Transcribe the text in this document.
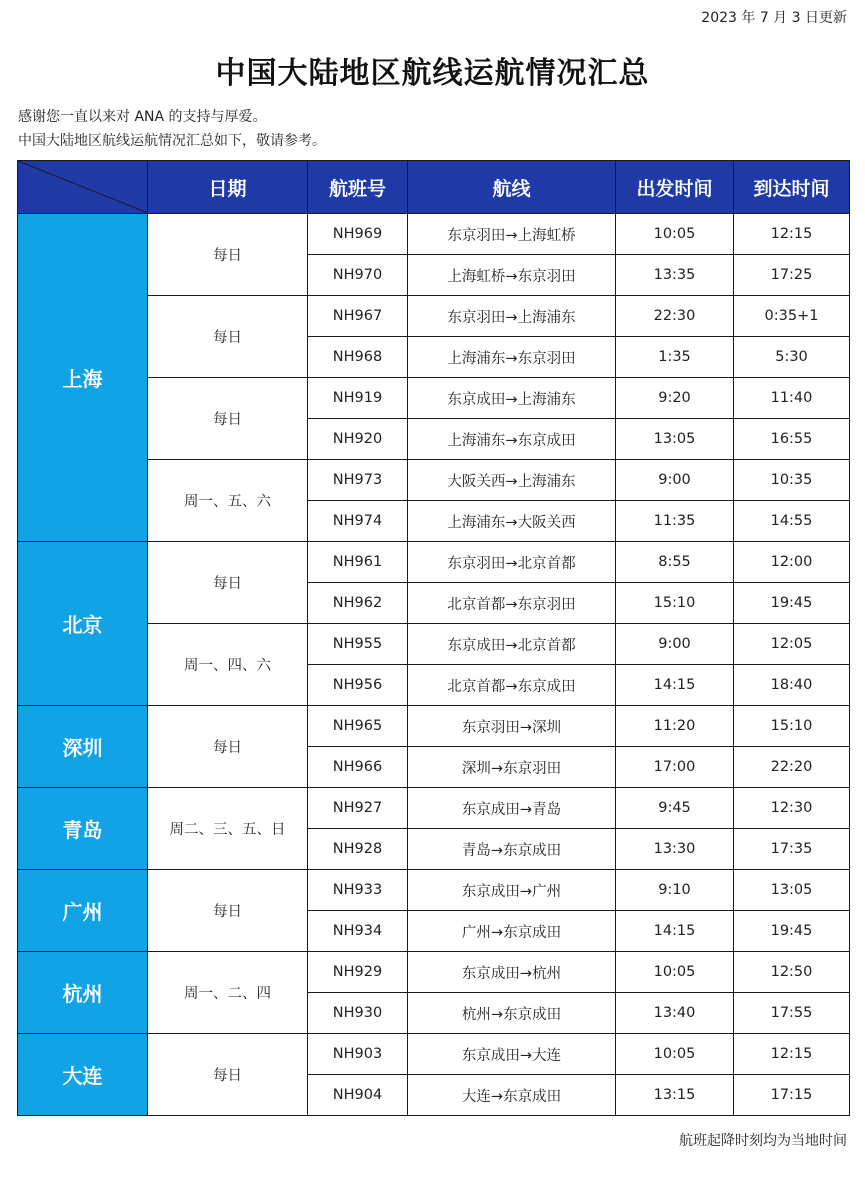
2023 年 7 月 3 日更新
中国大陆地区航线运航情况汇总
感谢您一直以来对 ANA 的支持与厚爱。
中国大陆地区航线运航情况汇总如下，敬请参考。
	日期	航班号	航线	出发时间	到达时间
上海	每日	NH969	东京羽田→上海虹桥	10:05	12:15
		NH970	上海虹桥→东京羽田	13:35	17:25
	每日	NH967	东京羽田→上海浦东	22:30	0:35+1
		NH968	上海浦东→东京羽田	1:35	5:30
	每日	NH919	东京成田→上海浦东	9:20	11:40
		NH920	上海浦东→东京成田	13:05	16:55
	周一、五、六	NH973	大阪关西→上海浦东	9:00	10:35
		NH974	上海浦东→大阪关西	11:35	14:55
北京	每日	NH961	东京羽田→北京首都	8:55	12:00
		NH962	北京首都→东京羽田	15:10	19:45
	周一、四、六	NH955	东京成田→北京首都	9:00	12:05
		NH956	北京首都→东京成田	14:15	18:40
深圳	每日	NH965	东京羽田→深圳	11:20	15:10
		NH966	深圳→东京羽田	17:00	22:20
青岛	周二、三、五、日	NH927	东京成田→青岛	9:45	12:30
		NH928	青岛→东京成田	13:30	17:35
广州	每日	NH933	东京成田→广州	9:10	13:05
		NH934	广州→东京成田	14:15	19:45
杭州	周一、二、四	NH929	东京成田→杭州	10:05	12:50
		NH930	杭州→东京成田	13:40	17:55
大连	每日	NH903	东京成田→大连	10:05	12:15
		NH904	大连→东京成田	13:15	17:15
航班起降时刻均为当地时间
